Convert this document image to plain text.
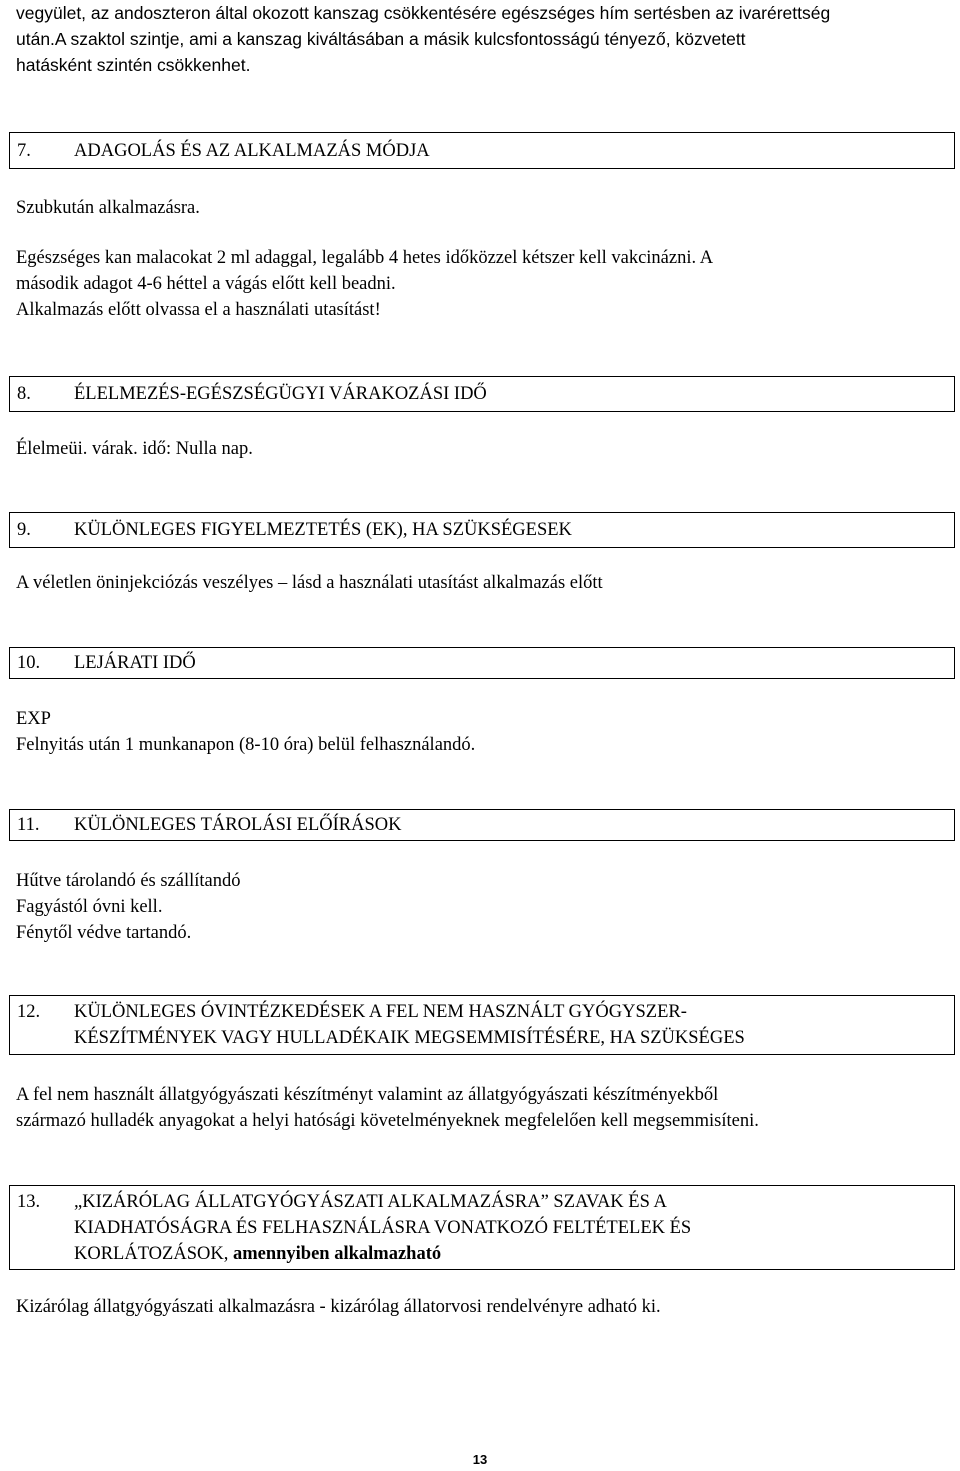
vegyület, az andoszteron által okozott kanszag csökkentésére egészséges hím sertésben az ivarérettség
után.A szaktol szintje, ami a kanszag kiváltásában a másik kulcsfontosságú tényező, közvetett
hatásként szintén csökkenhet.
7. ADAGOLÁS ÉS AZ ALKALMAZÁS MÓDJA
Szubkután alkalmazásra.
Egészséges kan malacokat 2 ml adaggal, legalább 4 hetes időközzel kétszer kell vakcinázni. A
második adagot 4-6 héttel a vágás előtt kell beadni.
Alkalmazás előtt olvassa el a használati utasítást!
8. ÉLELMEZÉS-EGÉSZSÉGÜGYI VÁRAKOZÁSI IDŐ
Élelmeüi. várak. idő: Nulla nap.
9. KÜLÖNLEGES FIGYELMEZTETÉS (EK), HA SZÜKSÉGESEK
A véletlen öninjekciózás veszélyes – lásd a használati utasítást alkalmazás előtt
10. LEJÁRATI IDŐ
EXP
Felnyitás után 1 munkanapon (8-10 óra) belül felhasználandó.
11. KÜLÖNLEGES TÁROLÁSI ELŐÍRÁSOK
Hűtve tárolandó és szállítandó
Fagyástól óvni kell.
Fénytől védve tartandó.
12. KÜLÖNLEGES ÓVINTÉZKEDÉSEK A FEL NEM HASZNÁLT GYÓGYSZER-
KÉSZÍTMÉNYEK VAGY HULLADÉKAIK MEGSEMMISÍTÉSÉRE, HA SZÜKSÉGES
A fel nem használt állatgyógyászati készítményt valamint az állatgyógyászati készítményekből
származó hulladék anyagokat a helyi hatósági követelményeknek megfelelően kell megsemmisíteni.
13. „KIZÁRÓLAG ÁLLATGYÓGYÁSZATI ALKALMAZÁSRA” SZAVAK ÉS A
KIADHATÓSÁGRA ÉS FELHASZNÁLÁSRA VONATKOZÓ FELTÉTELEK ÉS
KORLÁTOZÁSOK, amennyiben alkalmazható
Kizárólag állatgyógyászati alkalmazásra - kizárólag állatorvosi rendelvényre adható ki.
13
